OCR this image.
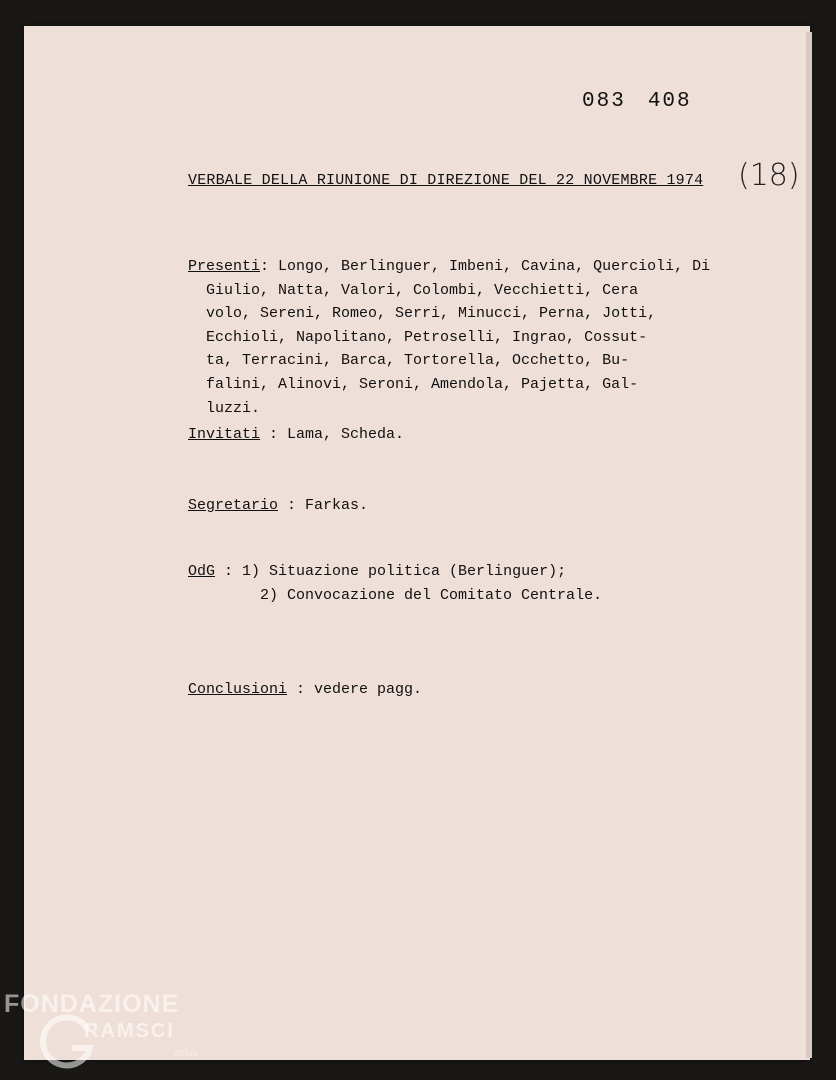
083 408
VERBALE DELLA RIUNIONE DI DIREZIONE DEL 22 NOVEMBRE 1974 (18)
Presenti: Longo, Berlinguer, Imbeni, Cavina, Quercioli, Di
Giulio, Natta, Valori, Colombi, Vecchietti, Cera
volo, Sereni, Romeo, Serri, Minucci, Perna, Jotti,
Ecchioli, Napolitano, Petroselli, Ingrao, Cossut-
ta, Terracini, Barca, Tortorella, Occhetto, Bu-
falini, Alinovi, Seroni, Amendola, Pajetta, Gal-
luzzi.
Invitati : Lama, Scheda.
Segretario : Farkas.
OdG : 1) Situazione politica (Berlinguer);
2) Convocazione del Comitato Centrale.
Conclusioni : vedere pagg.
FONDAZIONE
RAMSCI
onlus
